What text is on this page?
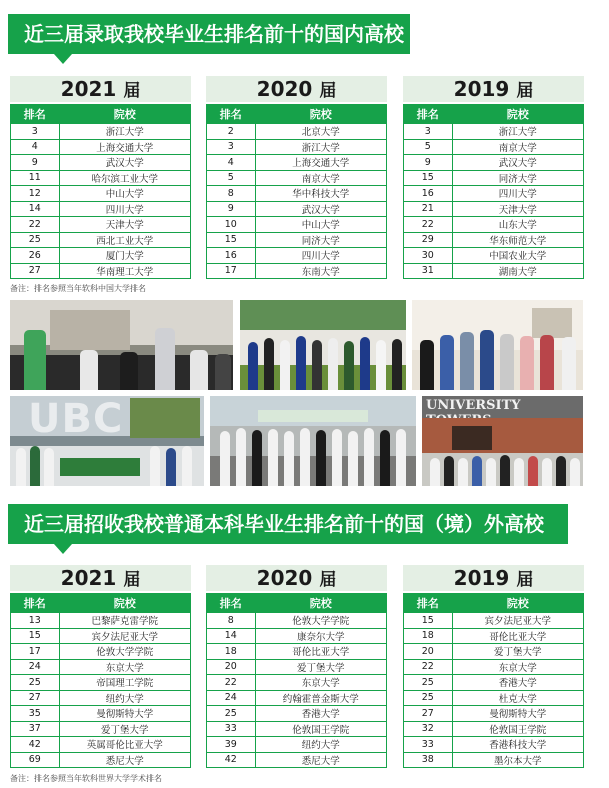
近三届录取我校毕业生排名前十的国内高校
2021 届
排名	院校
3	浙江大学
4	上海交通大学
9	武汉大学
11	哈尔滨工业大学
12	中山大学
14	四川大学
22	天津大学
25	西北工业大学
26	厦门大学
27	华南理工大学
2020 届
排名	院校
2	北京大学
3	浙江大学
4	上海交通大学
5	南京大学
8	华中科技大学
9	武汉大学
10	中山大学
15	同济大学
16	四川大学
17	东南大学
2019 届
排名	院校
3	浙江大学
5	南京大学
9	武汉大学
15	同济大学
16	四川大学
21	天津大学
22	山东大学
29	华东师范大学
30	中国农业大学
31	湖南大学
备注：排名参照当年软科中国大学排名
UBC	UNIVERSITY
近三届招收我校普通本科毕业生排名前十的国（境）外高校
2021 届
排名	院校
13	巴黎萨克雷学院
15	宾夕法尼亚大学
17	伦敦大学学院
24	东京大学
25	帝国理工学院
27	纽约大学
35	曼彻斯特大学
37	爱丁堡大学
42	英属哥伦比亚大学
69	悉尼大学
2020 届
排名	院校
8	伦敦大学学院
14	康奈尔大学
18	哥伦比亚大学
20	爱丁堡大学
22	东京大学
24	约翰霍普金斯大学
25	香港大学
33	伦敦国王学院
39	纽约大学
42	悉尼大学
2019 届
排名	院校
15	宾夕法尼亚大学
18	哥伦比亚大学
20	爱丁堡大学
22	东京大学
25	香港大学
25	杜克大学
27	曼彻斯特大学
32	伦敦国王学院
33	香港科技大学
38	墨尔本大学
备注：排名参照当年软科世界大学学术排名
